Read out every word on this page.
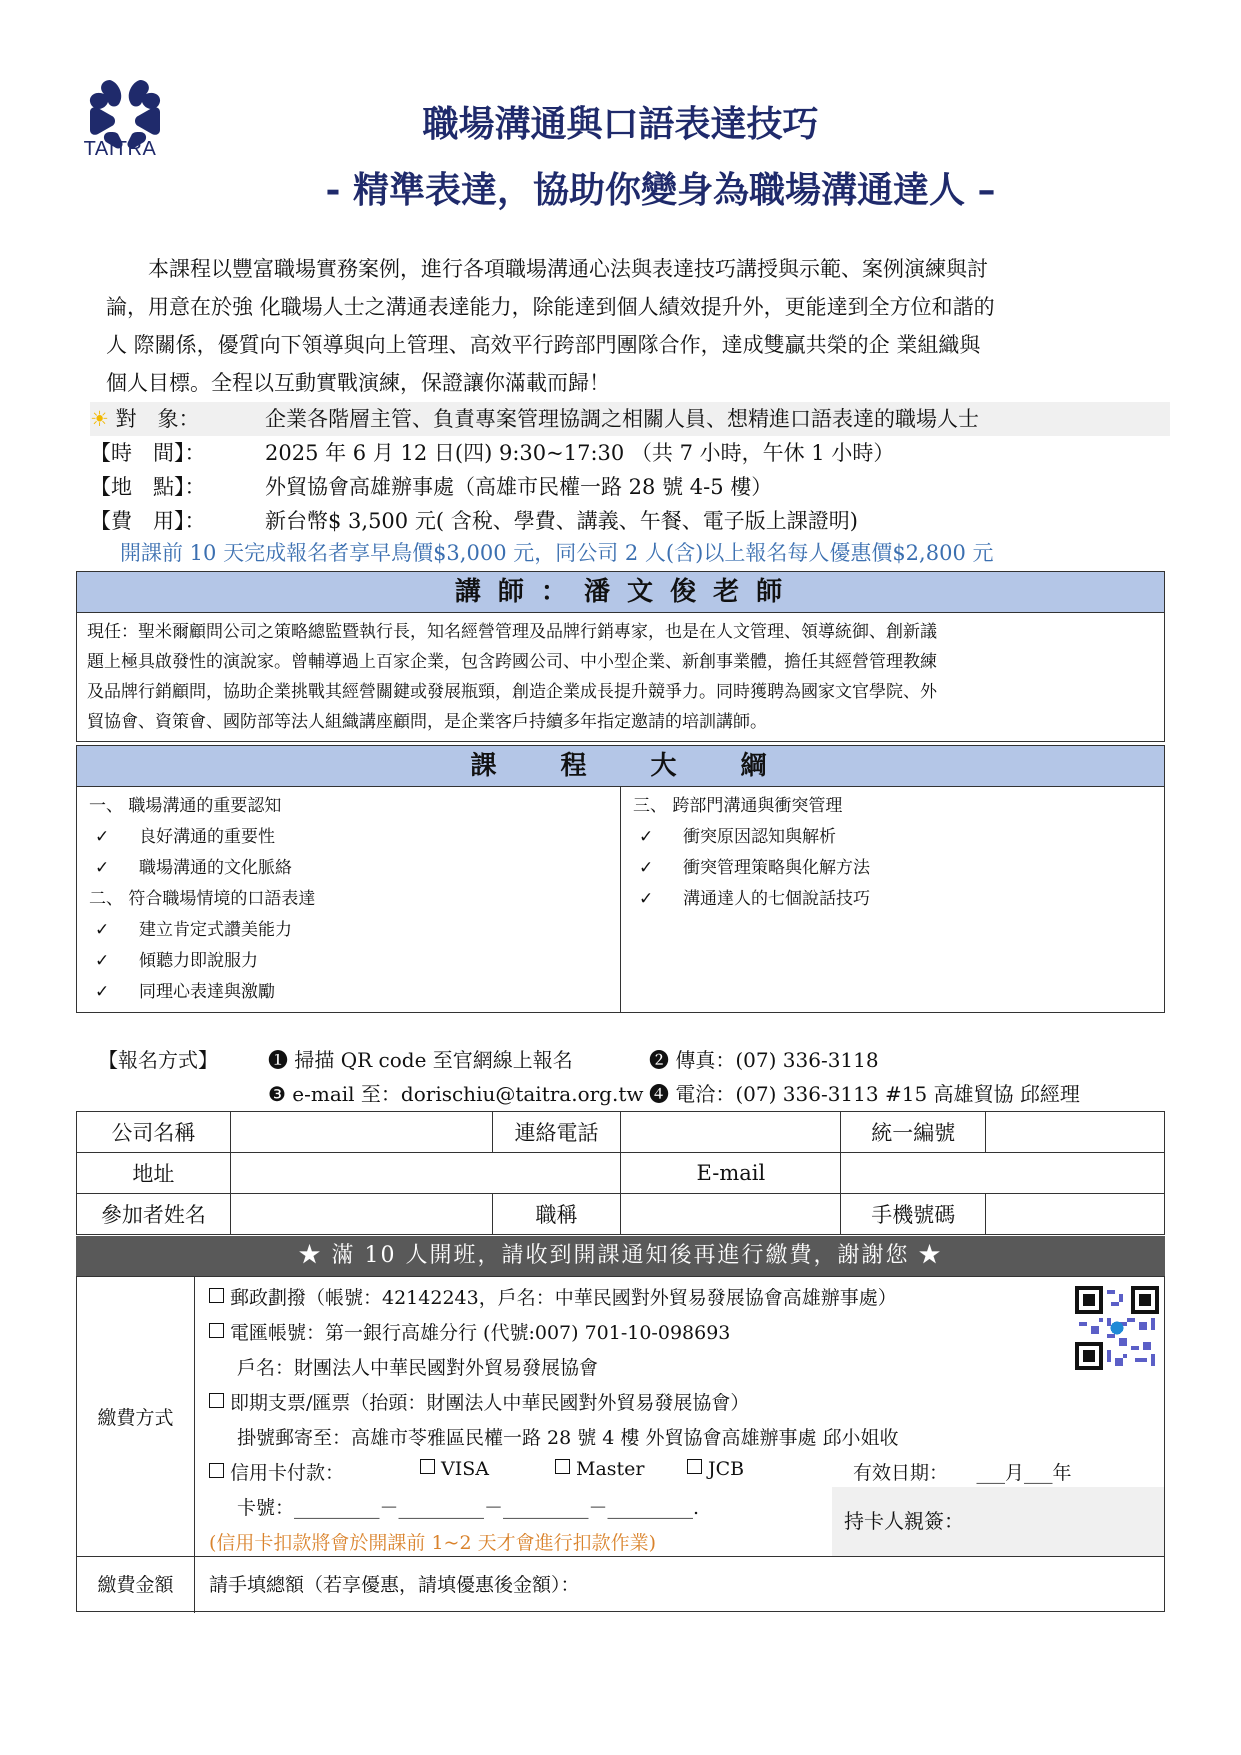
TAITRA
職場溝通與口語表達技巧
- 精準表達，協助你變身為職場溝通達人 –
本課程以豐富職場實務案例，進行各項職場溝通心法與表達技巧講授與示範、案例演練與討
論，用意在於強 化職場人士之溝通表達能力，除能達到個人績效提升外，更能達到全方位和諧的
人 際關係，優質向下領導與向上管理、高效平行跨部門團隊合作，達成雙贏共榮的企 業組織與
個人目標。全程以互動實戰演練，保證讓你滿載而歸！
☀ 對　象：	企業各階層主管、負責專案管理協調之相關人員、想精進口語表達的職場人士
【時　間】：	2025 年 6 月 12 日(四) 9:30~17:30 （共 7 小時，午休 1 小時）
【地　點】：	外貿協會高雄辦事處（高雄市民權一路 28 號 4-5 樓）
【費　用】：	新台幣$ 3,500 元( 含稅、學費、講義、午餐、電子版上課證明)
開課前 10 天完成報名者享早鳥價$3,000 元，同公司 2 人(含)以上報名每人優惠價$2,800 元
講 師 ： 潘 文 俊 老 師
現任：聖米爾顧問公司之策略總監暨執行長，知名經營管理及品牌行銷專家，也是在人文管理、領導統御、創新議
題上極具啟發性的演說家。曾輔導過上百家企業，包含跨國公司、中小型企業、新創事業體，擔任其經營管理教練
及品牌行銷顧問，協助企業挑戰其經營關鍵或發展瓶頸，創造企業成長提升競爭力。同時獲聘為國家文官學院、外
貿協會、資策會、國防部等法人組織講座顧問，是企業客戶持續多年指定邀請的培訓講師。
課　　程　　大　　綱
一、 職場溝通的重要認知
✓ 良好溝通的重要性
✓ 職場溝通的文化脈絡
二、 符合職場情境的口語表達
✓ 建立肯定式讚美能力
✓ 傾聽力即說服力
✓ 同理心表達與激勵
三、 跨部門溝通與衝突管理
✓ 衝突原因認知與解析
✓ 衝突管理策略與化解方法
✓ 溝通達人的七個說話技巧
【報名方式】	❶ 掃描 QR code 至官網線上報名	❷ 傳真：(07) 336-3118
❸ e-mail 至：dorischiu@taitra.org.tw ❹ 電洽：(07) 336-3113 #15 高雄貿協 邱經理
公司名稱		連絡電話		統一編號	
地址			E-mail		
參加者姓名		職稱		手機號碼	
★ 滿 10 人開班，請收到開課通知後再進行繳費，謝謝您 ★
繳費方式
郵政劃撥（帳號：42142243，戶名：中華民國對外貿易發展協會高雄辦事處）
電匯帳號：第一銀行高雄分行 (代號:007) 701-10-098693
戶名：財團法人中華民國對外貿易發展協會
即期支票/匯票（抬頭：財團法人中華民國對外貿易發展協會）
掛號郵寄至：高雄市苓雅區民權一路 28 號 4 樓 外貿協會高雄辦事處 邱小姐收
信用卡付款：	VISA	Master	JCB	有效日期：　　___月___年
卡號：_________－_________－_________－_________.
(信用卡扣款將會於開課前 1~2 天才會進行扣款作業)
持卡人親簽：
繳費金額	請手填總額（若享優惠，請填優惠後金額）：
